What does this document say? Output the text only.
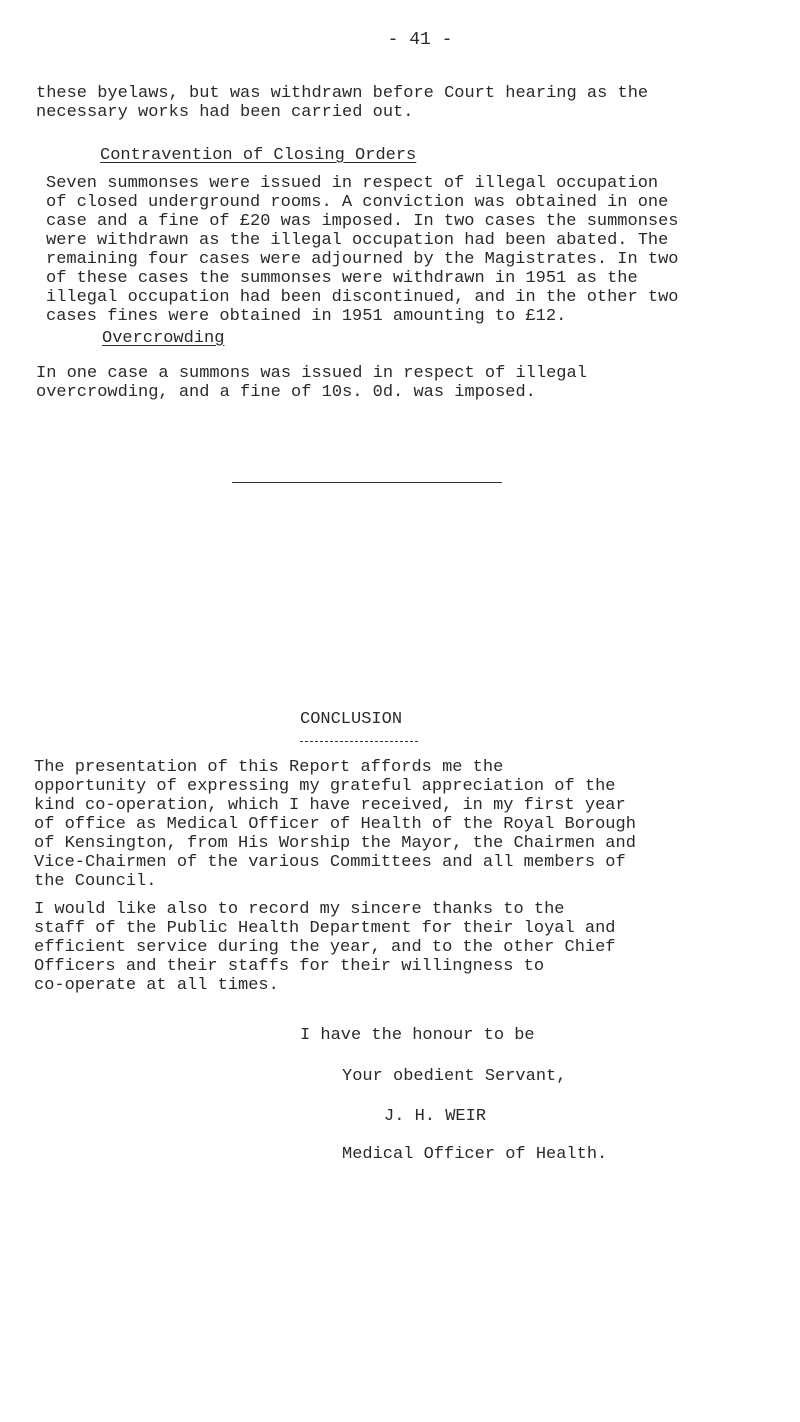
- 41 -

these byelaws, but was withdrawn before Court hearing as the
necessary works had been carried out.

Contravention of Closing Orders

Seven summonses were issued in respect of illegal occupation
of closed underground rooms. A conviction was obtained in one
case and a fine of £20 was imposed. In two cases the summonses
were withdrawn as the illegal occupation had been abated. The
remaining four cases were adjourned by the Magistrates. In two
of these cases the summonses were withdrawn in 1951 as the
illegal occupation had been discontinued, and in the other two
cases fines were obtained in 1951 amounting to £12.

Overcrowding

In one case a summons was issued in respect of illegal
overcrowding, and a fine of 10s. 0d. was imposed.

CONCLUSION

The presentation of this Report affords me the
opportunity of expressing my grateful appreciation of the
kind co-operation, which I have received, in my first year
of office as Medical Officer of Health of the Royal Borough
of Kensington, from His Worship the Mayor, the Chairmen and
Vice-Chairmen of the various Committees and all members of
the Council.

I would like also to record my sincere thanks to the
staff of the Public Health Department for their loyal and
efficient service during the year, and to the other Chief
Officers and their staffs for their willingness to
co-operate at all times.

I have the honour to be

Your obedient Servant,

J. H. WEIR

Medical Officer of Health.
